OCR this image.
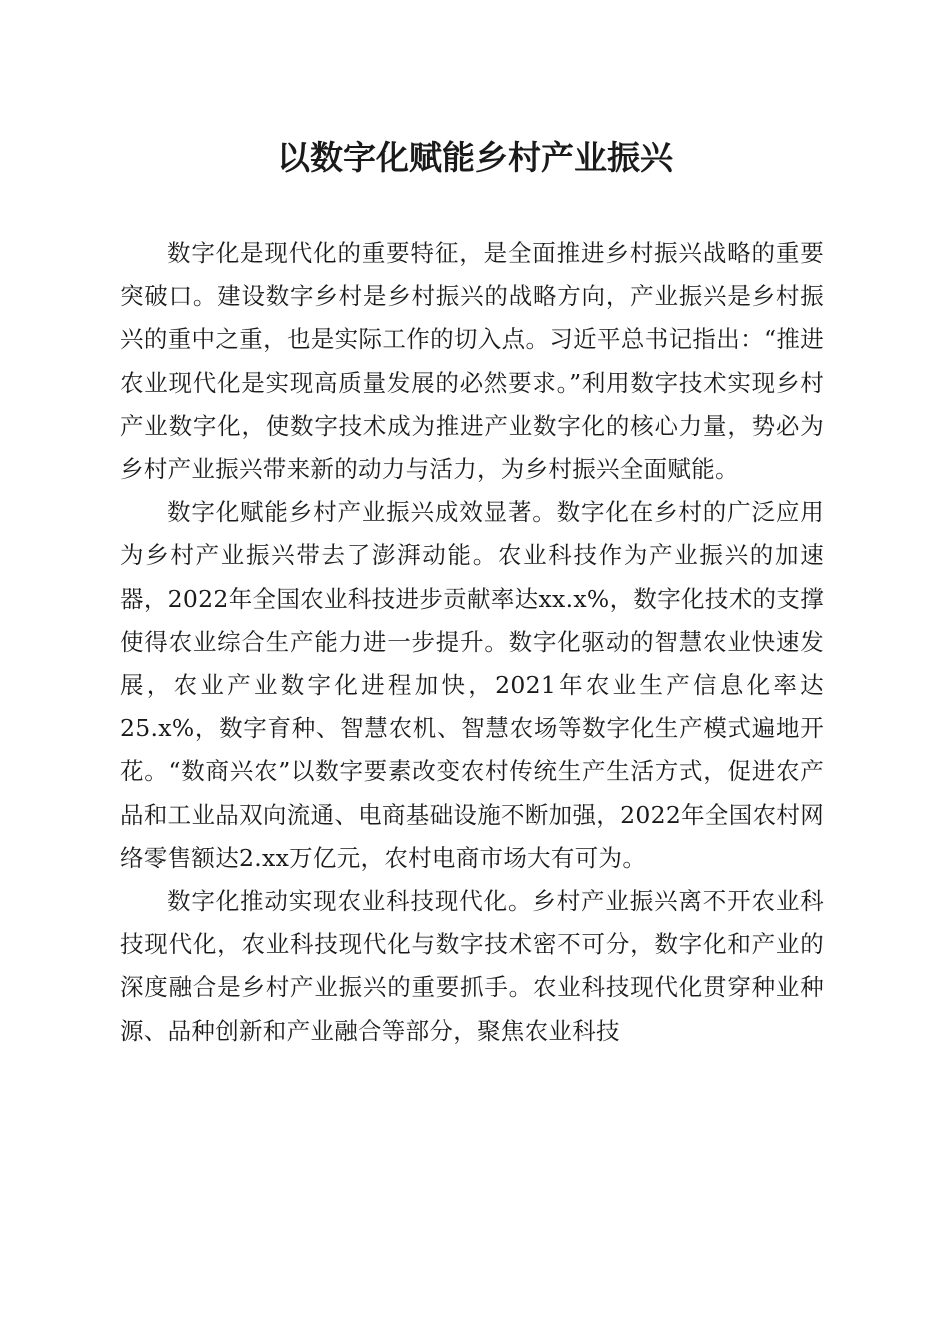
以数字化赋能乡村产业振兴

数字化是现代化的重要特征，是全面推进乡村振兴战略的重要突破口。建设数字乡村是乡村振兴的战略方向，产业振兴是乡村振兴的重中之重，也是实际工作的切入点。习近平总书记指出：“推进农业现代化是实现高质量发展的必然要求。”利用数字技术实现乡村产业数字化，使数字技术成为推进产业数字化的核心力量，势必为乡村产业振兴带来新的动力与活力，为乡村振兴全面赋能。

数字化赋能乡村产业振兴成效显著。数字化在乡村的广泛应用为乡村产业振兴带去了澎湃动能。农业科技作为产业振兴的加速器，2022年全国农业科技进步贡献率达xx.x%，数字化技术的支撑使得农业综合生产能力进一步提升。数字化驱动的智慧农业快速发展，农业产业数字化进程加快，2021年农业生产信息化率达25.x%，数字育种、智慧农机、智慧农场等数字化生产模式遍地开花。“数商兴农”以数字要素改变农村传统生产生活方式，促进农产品和工业品双向流通、电商基础设施不断加强，2022年全国农村网络零售额达2.xx万亿元，农村电商市场大有可为。

数字化推动实现农业科技现代化。乡村产业振兴离不开农业科技现代化，农业科技现代化与数字技术密不可分，数字化和产业的深度融合是乡村产业振兴的重要抓手。农业科技现代化贯穿种业种源、品种创新和产业融合等部分，聚焦农业科技
